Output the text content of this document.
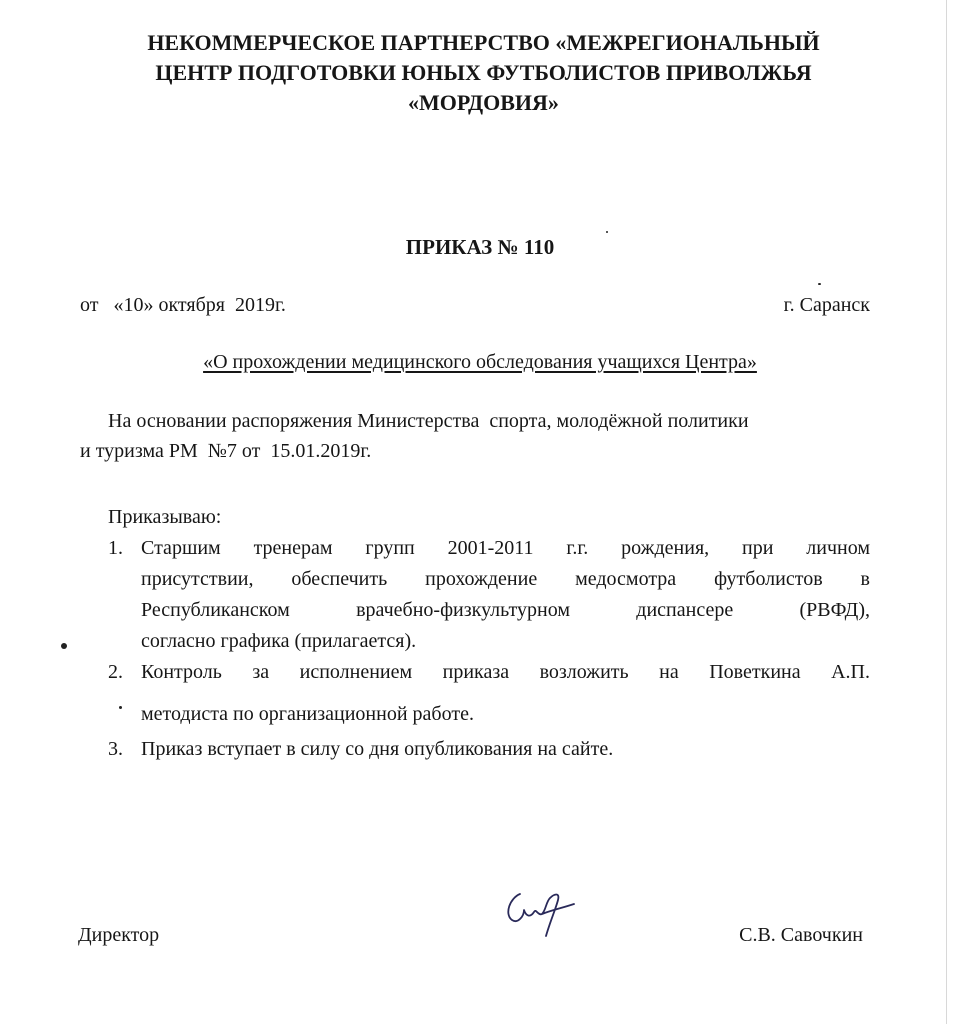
НЕКОММЕРЧЕСКОЕ ПАРТНЕРСТВО «МЕЖРЕГИОНАЛЬНЫЙ
ЦЕНТР ПОДГОТОВКИ ЮНЫХ ФУТБОЛИСТОВ ПРИВОЛЖЬЯ
«МОРДОВИЯ»
ПРИКАЗ № 110
от   «10» октября  2019г.	г. Саранск
«О прохождении медицинского обследования учащихся Центра»
На основании распоряжения Министерства  спорта, молодёжной политики
и туризма РМ  №7 от  15.01.2019г.
Приказываю:
1. Старшим тренерам групп 2001-2011 г.г. рождения, при личном
присутствии, обеспечить прохождение медосмотра футболистов в
Республиканском врачебно-физкультурном диспансере (РВФД),
согласно графика (прилагается).
2. Контроль за исполнением приказа возложить на Поветкина А.П.
методиста по организационной работе.
3. Приказ вступает в силу со дня опубликования на сайте.
Директор	С.В. Савочкин
